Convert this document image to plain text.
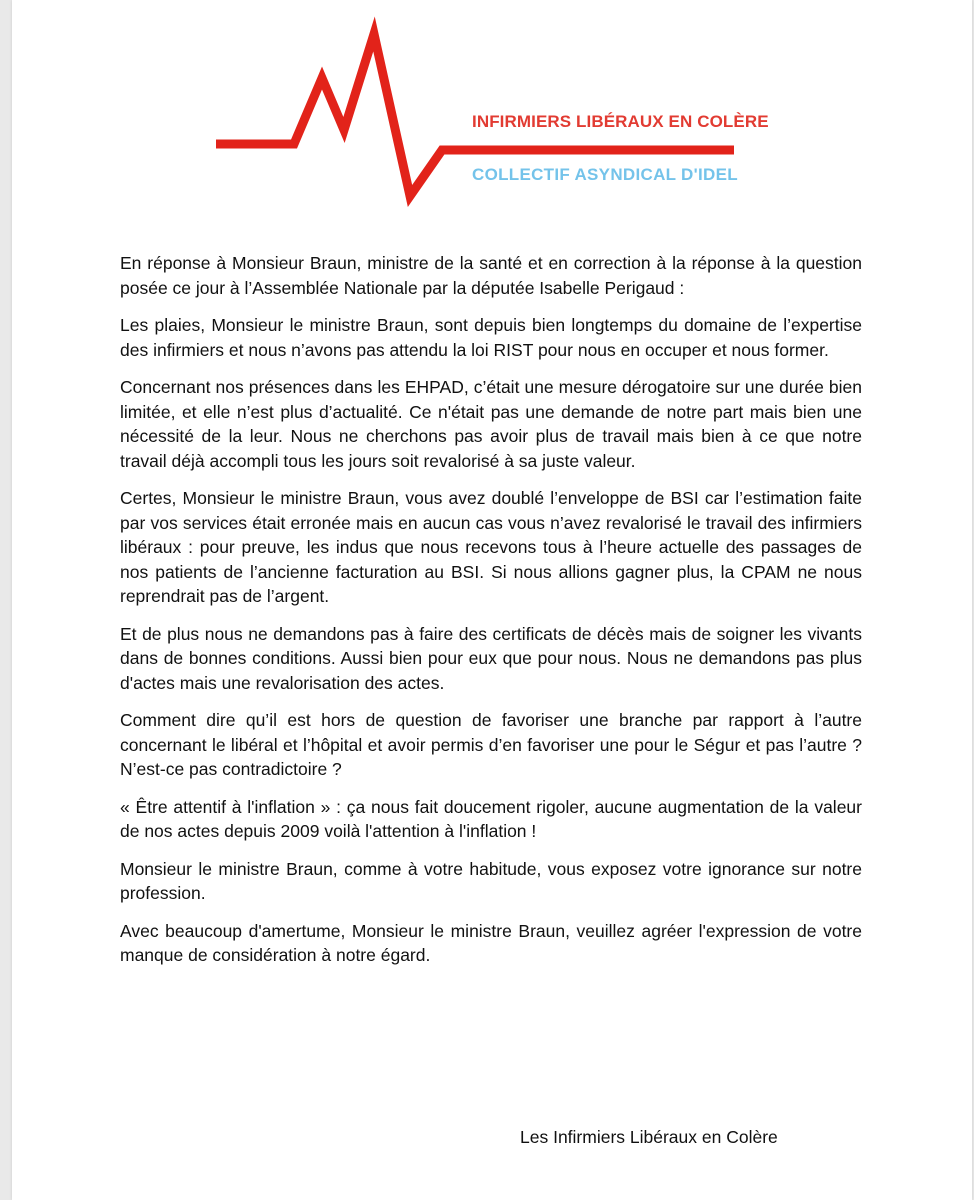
INFIRMIERS LIBÉRAUX EN COLÈRE
COLLECTIF ASYNDICAL D'IDEL

En réponse à Monsieur Braun, ministre de la santé et en correction à la réponse à la question posée ce jour à l’Assemblée Nationale par la députée Isabelle Perigaud :

Les plaies, Monsieur le ministre Braun, sont depuis bien longtemps du domaine de l’expertise des infirmiers et nous n’avons pas attendu la loi RIST pour nous en occuper et nous former.

Concernant nos présences dans les EHPAD, c’était une mesure dérogatoire sur une durée bien limitée, et elle n’est plus d’actualité. Ce n'était pas une demande de notre part mais bien une nécessité de la leur. Nous ne cherchons pas avoir plus de travail mais bien à ce que notre travail déjà accompli tous les jours soit revalorisé à sa juste valeur.

Certes, Monsieur le ministre Braun, vous avez doublé l’enveloppe de BSI car l’estimation faite par vos services était erronée mais en aucun cas vous n’avez revalorisé le travail des infirmiers libéraux : pour preuve, les indus que nous recevons tous à l’heure actuelle des passages de nos patients de l’ancienne facturation au BSI. Si nous allions gagner plus, la CPAM ne nous reprendrait pas de l’argent.

Et de plus nous ne demandons pas à faire des certificats de décès mais de soigner les vivants dans de bonnes conditions. Aussi bien pour eux que pour nous. Nous ne demandons pas plus d'actes mais une revalorisation des actes.

Comment dire qu’il est hors de question de favoriser une branche par rapport à l’autre concernant le libéral et l’hôpital et avoir permis d’en favoriser une pour le Ségur et pas l’autre ? N’est-ce pas contradictoire ?

« Être attentif à l'inflation » : ça nous fait doucement rigoler, aucune augmentation de la valeur de nos actes depuis 2009 voilà l'attention à l'inflation !

Monsieur le ministre Braun, comme à votre habitude, vous exposez votre ignorance sur notre profession.

Avec beaucoup d'amertume, Monsieur le ministre Braun, veuillez agréer l'expression de votre manque de considération à notre égard.

Les Infirmiers Libéraux en Colère
